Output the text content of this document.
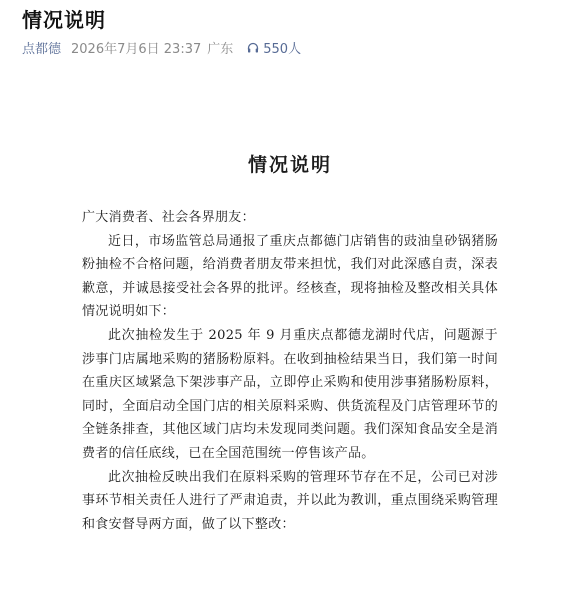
情况说明
点都德 2026年7月6日 23:37 广东 550人
情况说明

广大消费者、社会各界朋友：

近日，市场监管总局通报了重庆点都德门店销售的豉油皇砂锅猪肠粉抽检不合格问题，给消费者朋友带来担忧，我们对此深感自责，深表歉意，并诚恳接受社会各界的批评。经核查，现将抽检及整改相关具体情况说明如下：

此次抽检发生于 2025 年 9 月重庆点都德龙湖时代店，问题源于涉事门店属地采购的猪肠粉原料。在收到抽检结果当日，我们第一时间在重庆区域紧急下架涉事产品，立即停止采购和使用涉事猪肠粉原料，同时，全面启动全国门店的相关原料采购、供货流程及门店管理环节的全链条排查，其他区域门店均未发现同类问题。我们深知食品安全是消费者的信任底线，已在全国范围统一停售该产品。

此次抽检反映出我们在原料采购的管理环节存在不足，公司已对涉事环节相关责任人进行了严肃追责，并以此为教训，重点围绕采购管理和食安督导两方面，做了以下整改：
